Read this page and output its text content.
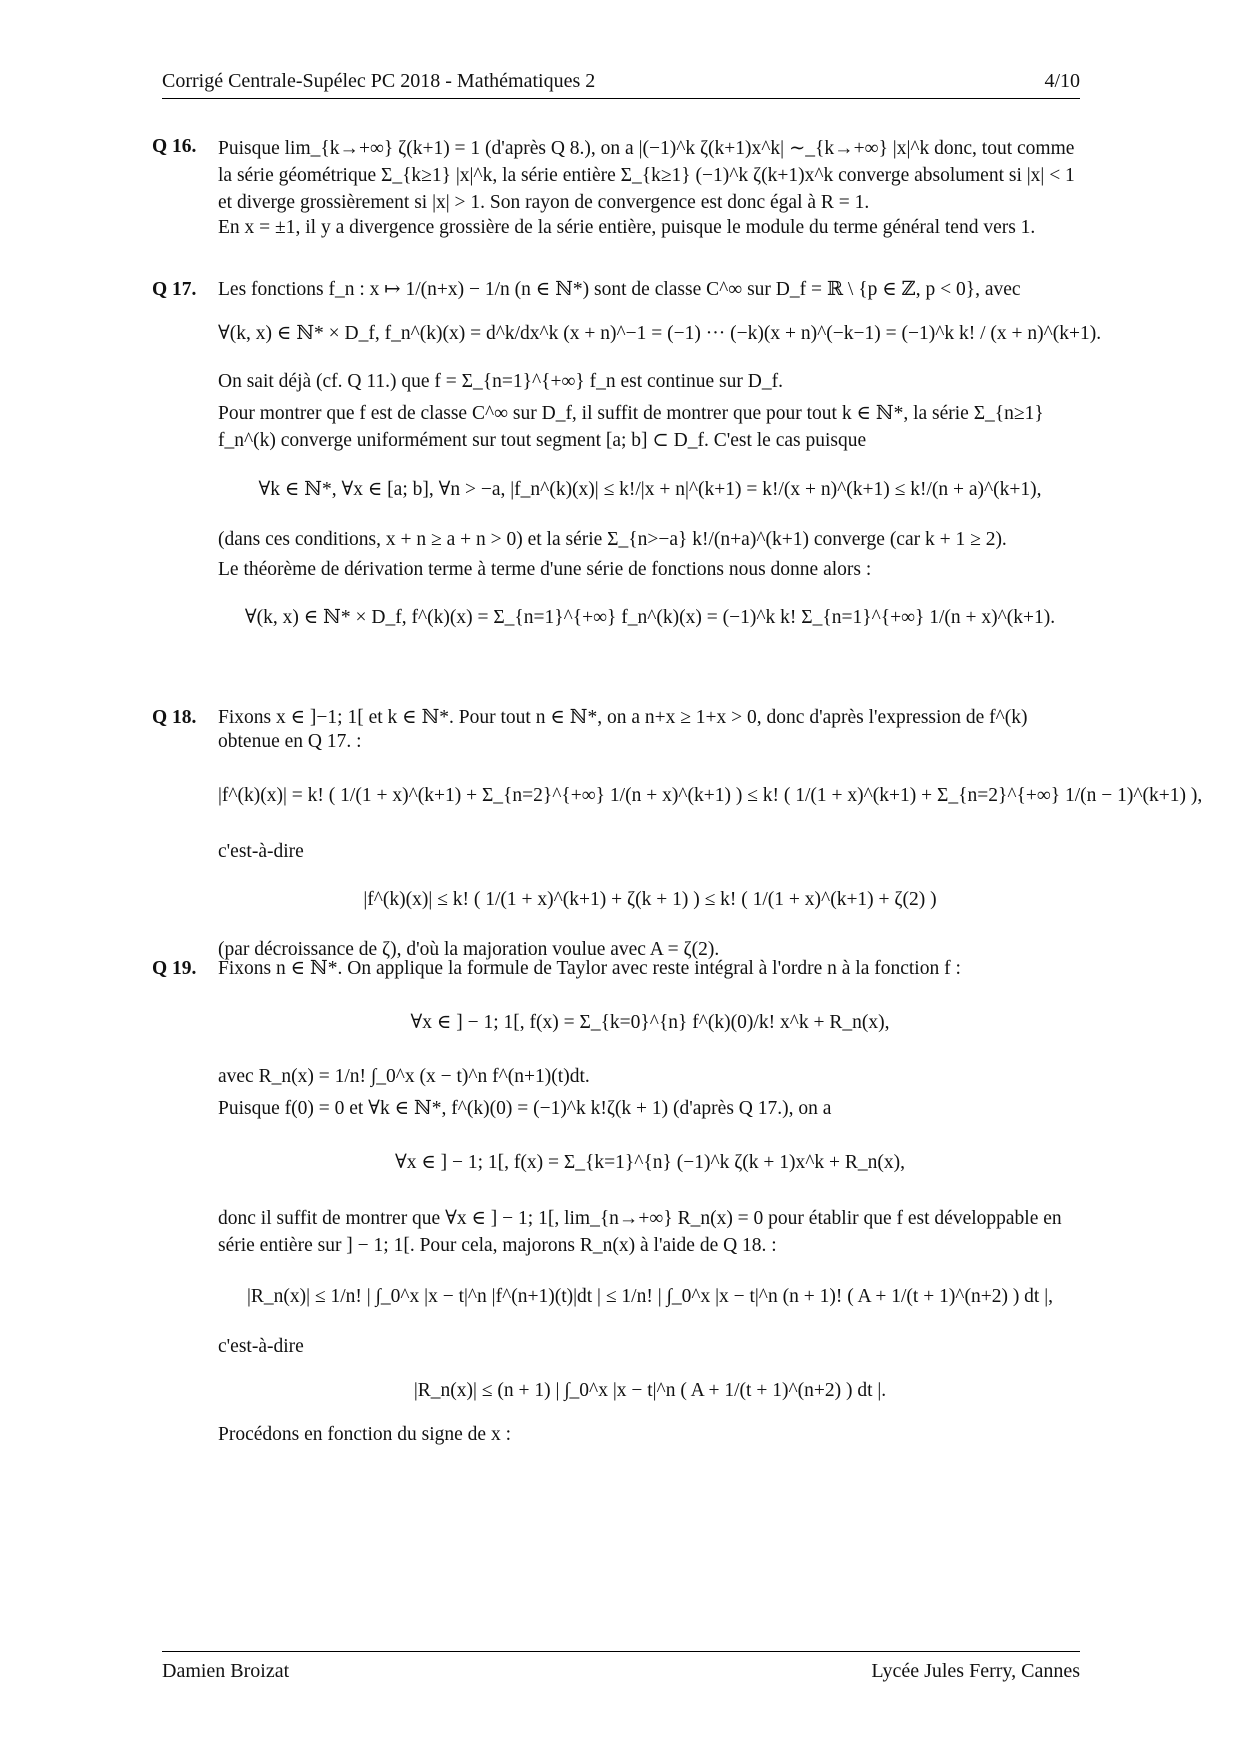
Corrigé Centrale-Supélec PC 2018 - Mathématiques 2	4/10
Q 16. Puisque lim_{k→+∞} ζ(k+1) = 1 (d'après Q 8.), on a |(−1)^k ζ(k+1)x^k| ∼_{k→+∞} |x|^k donc, tout comme la série géométrique Σ_{k≥1} |x|^k, la série entière Σ_{k≥1} (−1)^k ζ(k+1)x^k converge absolument si |x| < 1 et diverge grossièrement si |x| > 1. Son rayon de convergence est donc égal à R = 1.

En x = ±1, il y a divergence grossière de la série entière, puisque le module du terme général tend vers 1.

Q 17. Les fonctions f_n : x ↦ 1/(n+x) − 1/n (n ∈ ℕ*) sont de classe C^∞ sur D_f = ℝ \ {p ∈ ℤ, p < 0}, avec

∀(k, x) ∈ ℕ* × D_f, f_n^(k)(x) = d^k/dx^k (x + n)^−1 = (−1) ··· (−k)(x + n)^(−k−1) = (−1)^k k! / (x + n)^(k+1).

On sait déjà (cf. Q 11.) que f = Σ_{n=1}^{+∞} f_n est continue sur D_f.

Pour montrer que f est de classe C^∞ sur D_f, il suffit de montrer que pour tout k ∈ ℕ*, la série Σ_{n≥1} f_n^(k) converge uniformément sur tout segment [a; b] ⊂ D_f. C'est le cas puisque

∀k ∈ ℕ*, ∀x ∈ [a; b], ∀n > −a, |f_n^(k)(x)| ≤ k!/|x + n|^(k+1) = k!/(x + n)^(k+1) ≤ k!/(n + a)^(k+1),

(dans ces conditions, x + n ≥ a + n > 0) et la série Σ_{n>−a} k!/(n+a)^(k+1) converge (car k + 1 ≥ 2).

Le théorème de dérivation terme à terme d'une série de fonctions nous donne alors :

∀(k, x) ∈ ℕ* × D_f, f^(k)(x) = Σ_{n=1}^{+∞} f_n^(k)(x) = (−1)^k k! Σ_{n=1}^{+∞} 1/(n + x)^(k+1).
Q 18. Fixons x ∈ ]−1; 1[ et k ∈ ℕ*. Pour tout n ∈ ℕ*, on a n+x ≥ 1+x > 0, donc d'après l'expression de f^(k) obtenue en Q 17. :

|f^(k)(x)| = k! ( 1/(1 + x)^(k+1) + Σ_{n=2}^{+∞} 1/(n + x)^(k+1) ) ≤ k! ( 1/(1 + x)^(k+1) + Σ_{n=2}^{+∞} 1/(n − 1)^(k+1) ),

c'est-à-dire

|f^(k)(x)| ≤ k! ( 1/(1 + x)^(k+1) + ζ(k + 1) ) ≤ k! ( 1/(1 + x)^(k+1) + ζ(2) )

(par décroissance de ζ), d'où la majoration voulue avec A = ζ(2).

Q 19. Fixons n ∈ ℕ*. On applique la formule de Taylor avec reste intégral à l'ordre n à la fonction f :

∀x ∈ ] − 1; 1[, f(x) = Σ_{k=0}^{n} f^(k)(0)/k! x^k + R_n(x),

avec R_n(x) = 1/n! ∫_0^x (x − t)^n f^(n+1)(t)dt.

Puisque f(0) = 0 et ∀k ∈ ℕ*, f^(k)(0) = (−1)^k k!ζ(k + 1) (d'après Q 17.), on a

∀x ∈ ] − 1; 1[, f(x) = Σ_{k=1}^{n} (−1)^k ζ(k + 1)x^k + R_n(x),

donc il suffit de montrer que ∀x ∈ ] − 1; 1[, lim_{n→+∞} R_n(x) = 0 pour établir que f est développable en série entière sur ] − 1; 1[. Pour cela, majorons R_n(x) à l'aide de Q 18. :

|R_n(x)| ≤ 1/n! | ∫_0^x |x − t|^n |f^(n+1)(t)|dt | ≤ 1/n! | ∫_0^x |x − t|^n (n + 1)! ( A + 1/(t + 1)^(n+2) ) dt |,

c'est-à-dire

|R_n(x)| ≤ (n + 1) | ∫_0^x |x − t|^n ( A + 1/(t + 1)^(n+2) ) dt |.

Procédons en fonction du signe de x :

Damien Broizat	Lycée Jules Ferry, Cannes
